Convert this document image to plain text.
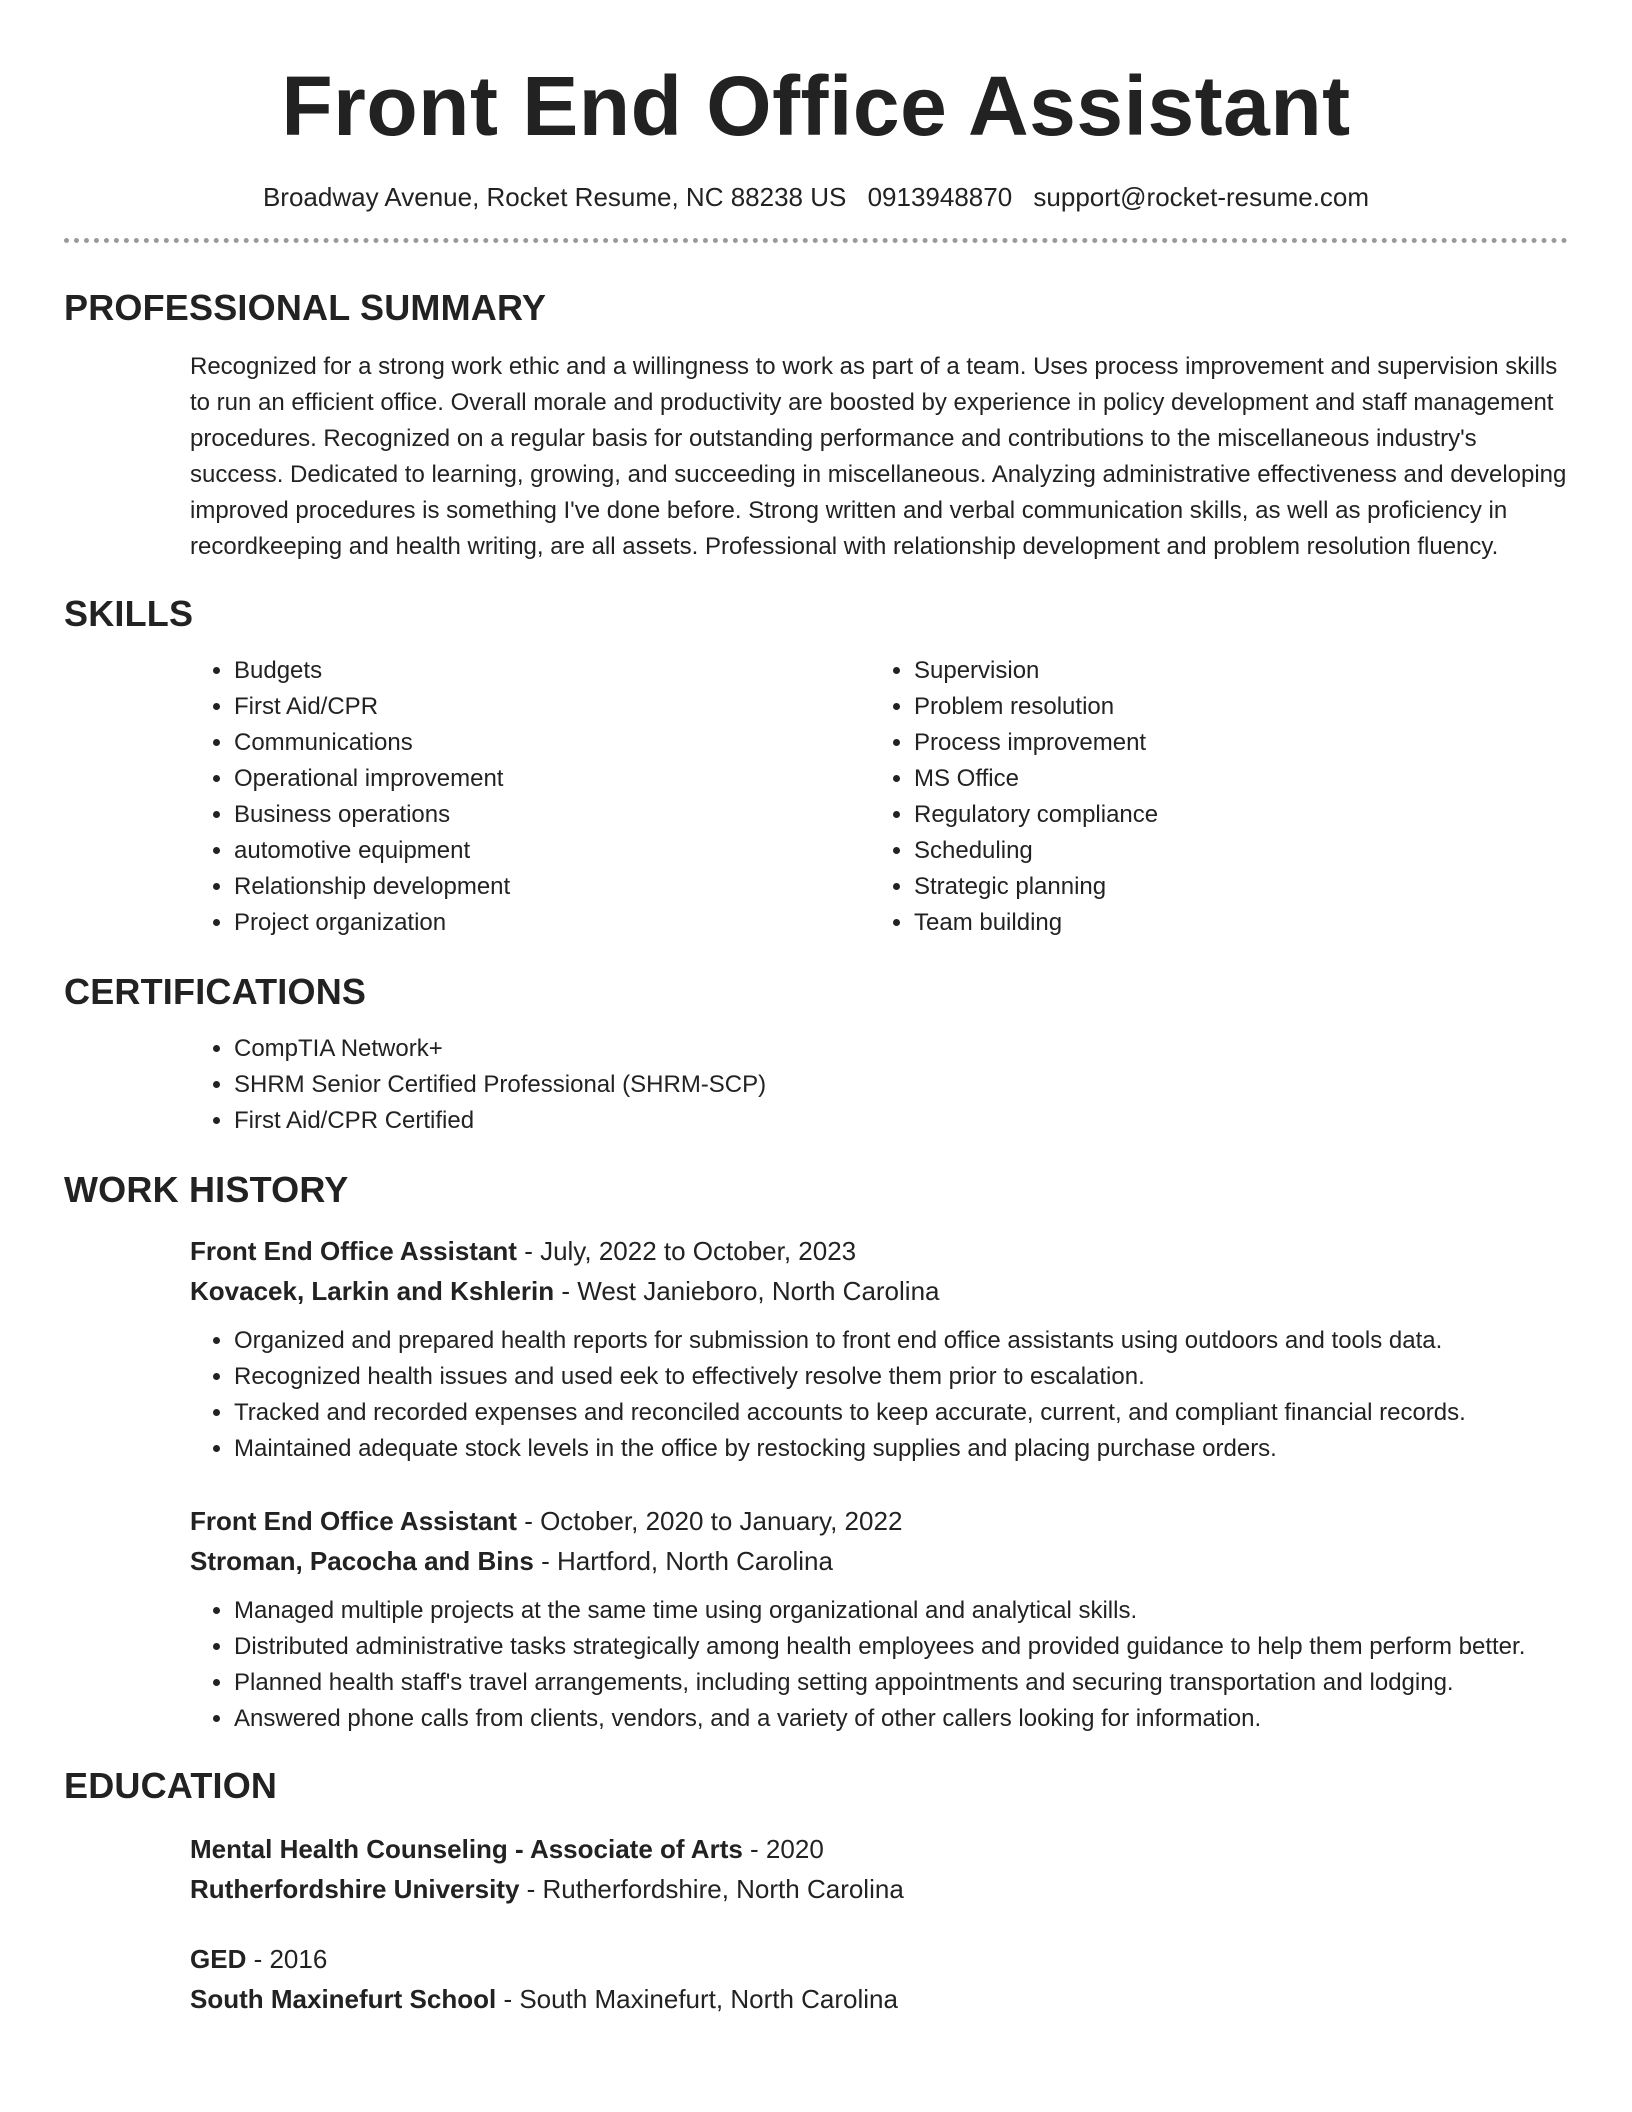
Front End Office Assistant
Broadway Avenue, Rocket Resume, NC 88238 US 0913948870 support@rocket-resume.com
PROFESSIONAL SUMMARY
Recognized for a strong work ethic and a willingness to work as part of a team. Uses process improvement and supervision skills to run an efficient office. Overall morale and productivity are boosted by experience in policy development and staff management procedures. Recognized on a regular basis for outstanding performance and contributions to the miscellaneous industry's success. Dedicated to learning, growing, and succeeding in miscellaneous. Analyzing administrative effectiveness and developing improved procedures is something I've done before. Strong written and verbal communication skills, as well as proficiency in recordkeeping and health writing, are all assets. Professional with relationship development and problem resolution fluency.
SKILLS
• Budgets
• First Aid/CPR
• Communications
• Operational improvement
• Business operations
• automotive equipment
• Relationship development
• Project organization
• Supervision
• Problem resolution
• Process improvement
• MS Office
• Regulatory compliance
• Scheduling
• Strategic planning
• Team building
CERTIFICATIONS
• CompTIA Network+
• SHRM Senior Certified Professional (SHRM-SCP)
• First Aid/CPR Certified
WORK HISTORY
Front End Office Assistant - July, 2022 to October, 2023
Kovacek, Larkin and Kshlerin - West Janieboro, North Carolina
• Organized and prepared health reports for submission to front end office assistants using outdoors and tools data.
• Recognized health issues and used eek to effectively resolve them prior to escalation.
• Tracked and recorded expenses and reconciled accounts to keep accurate, current, and compliant financial records.
• Maintained adequate stock levels in the office by restocking supplies and placing purchase orders.
Front End Office Assistant - October, 2020 to January, 2022
Stroman, Pacocha and Bins - Hartford, North Carolina
• Managed multiple projects at the same time using organizational and analytical skills.
• Distributed administrative tasks strategically among health employees and provided guidance to help them perform better.
• Planned health staff's travel arrangements, including setting appointments and securing transportation and lodging.
• Answered phone calls from clients, vendors, and a variety of other callers looking for information.
EDUCATION
Mental Health Counseling - Associate of Arts - 2020
Rutherfordshire University - Rutherfordshire, North Carolina
GED - 2016
South Maxinefurt School - South Maxinefurt, North Carolina
